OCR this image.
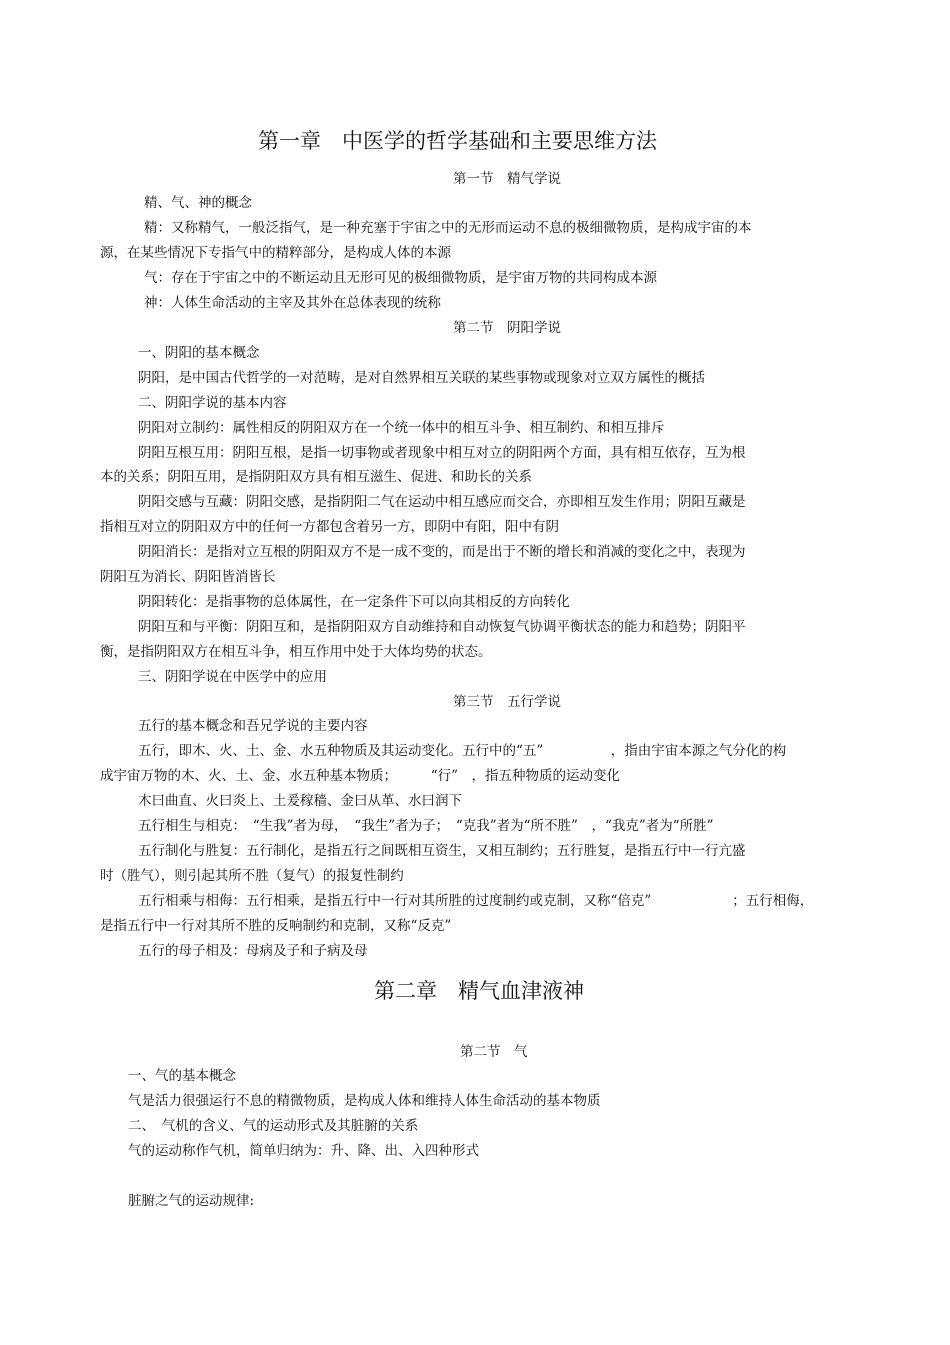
第一章　中医学的哲学基础和主要思维方法
第一节　精气学说
精、气、神的概念
精：又称精气，一般泛指气，是一种充塞于宇宙之中的无形而运动不息的极细微物质，是构成宇宙的本
源，在某些情况下专指气中的精粹部分，是构成人体的本源
气：存在于宇宙之中的不断运动且无形可见的极细微物质，是宇宙万物的共同构成本源
神：人体生命活动的主宰及其外在总体表现的统称
第二节　阴阳学说
一、阴阳的基本概念
阴阳，是中国古代哲学的一对范畴，是对自然界相互关联的某些事物或现象对立双方属性的概括
二、阴阳学说的基本内容
阴阳对立制约：属性相反的阴阳双方在一个统一体中的相互斗争、相互制约、和相互排斥
阴阳互根互用：阴阳互根，是指一切事物或者现象中相互对立的阴阳两个方面，具有相互依存，互为根
本的关系；阴阳互用，是指阴阳双方具有相互滋生、促进、和助长的关系
阴阳交感与互藏：阴阳交感，是指阴阳二气在运动中相互感应而交合，亦即相互发生作用；阴阳互藏是
指相互对立的阴阳双方中的任何一方都包含着另一方，即阴中有阳，阳中有阴
阴阳消长：是指对立互根的阴阳双方不是一成不变的，而是出于不断的增长和消减的变化之中，表现为
阴阳互为消长、阴阳皆消皆长
阴阳转化：是指事物的总体属性，在一定条件下可以向其相反的方向转化
阴阳互和与平衡：阴阳互和，是指阴阳双方自动维持和自动恢复气协调平衡状态的能力和趋势；阴阳平
衡，是指阴阳双方在相互斗争，相互作用中处于大体均势的状态。
三、阴阳学说在中医学中的应用
第三节　五行学说
五行的基本概念和吾兄学说的主要内容
五行，即木、火、土、金、水五种物质及其运动变化。五行中的“五”　　　　　，指由宇宙本源之气分化的构
成宇宙万物的木、火、土、金、水五种基本物质；　　　“行”　，指五种物质的运动变化
木曰曲直、火曰炎上、土爰稼穑、金曰从革、水曰润下
五行相生与相克：　“生我”者为母，　“我生”者为子；　“克我”者为“所不胜”　，“我克”者为“所胜”
五行制化与胜复：五行制化，是指五行之间既相互资生，又相互制约；五行胜复，是指五行中一行亢盛
时（胜气），则引起其所不胜（复气）的报复性制约
五行相乘与相侮：五行相乘，是指五行中一行对其所胜的过度制约或克制，又称“倍克”　　　　　　；五行相侮，
是指五行中一行对其所不胜的反响制约和克制，又称“反克”
五行的母子相及：母病及子和子病及母
第二章　精气血津液神
第二节　气
一、气的基本概念
气是活力很强运行不息的精微物质，是构成人体和维持人体生命活动的基本物质
二、　气机的含义、气的运动形式及其脏腑的关系
气的运动称作气机，简单归纳为：升、降、出、入四种形式
脏腑之气的运动规律:
